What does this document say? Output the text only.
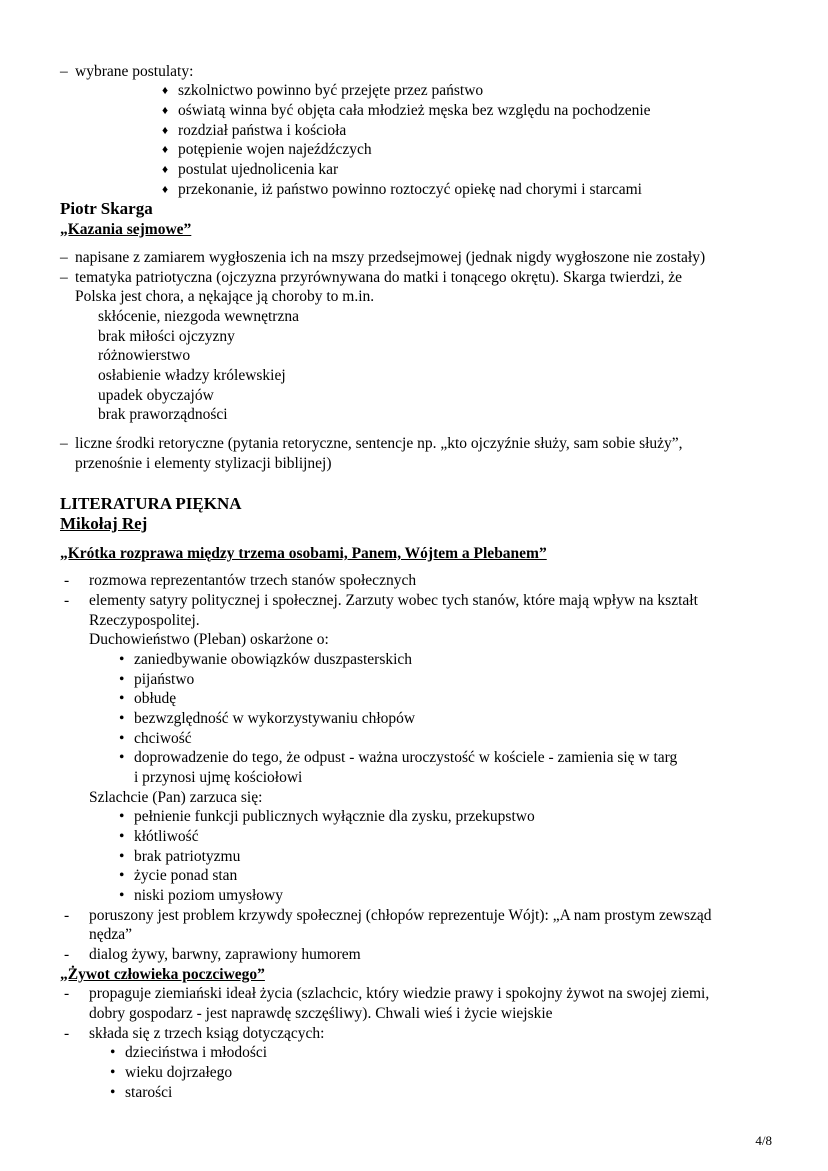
– wybrane postulaty:
♦ szkolnictwo powinno być przejęte przez państwo
♦ oświatą winna być objęta cała młodzież męska bez względu na pochodzenie
♦ rozdział państwa i kościoła
♦ potępienie wojen najeźdźczych
♦ postulat ujednolicenia kar
♦ przekonanie, iż państwo powinno roztoczyć opiekę nad chorymi i starcami
Piotr Skarga
„Kazania sejmowe”
– napisane z zamiarem wygłoszenia ich na mszy przedsejmowej (jednak nigdy wygłoszone nie zostały)
– tematyka patriotyczna (ojczyzna przyrównywana do matki i tonącego okrętu). Skarga twierdzi, że
Polska jest chora, a nękające ją choroby to m.in.
skłócenie, niezgoda wewnętrzna
brak miłości ojczyzny
różnowierstwo
osłabienie władzy królewskiej
upadek obyczajów
brak praworządności
– liczne środki retoryczne (pytania retoryczne, sentencje np. „kto ojczyźnie służy, sam sobie służy”,
przenośnie i elementy stylizacji biblijnej)
LITERATURA PIĘKNA
Mikołaj Rej
„Krótka rozprawa między trzema osobami, Panem, Wójtem a Plebanem”
- rozmowa reprezentantów trzech stanów społecznych
- elementy satyry politycznej i społecznej. Zarzuty wobec tych stanów, które mają wpływ na kształt
Rzeczypospolitej.
Duchowieństwo (Pleban) oskarżone o:
• zaniedbywanie obowiązków duszpasterskich
• pijaństwo
• obłudę
• bezwzględność w wykorzystywaniu chłopów
• chciwość
• doprowadzenie do tego, że odpust - ważna uroczystość w kościele - zamienia się w targ
i przynosi ujmę kościołowi
Szlachcie (Pan) zarzuca się:
• pełnienie funkcji publicznych wyłącznie dla zysku, przekupstwo
• kłótliwość
• brak patriotyzmu
• życie ponad stan
• niski poziom umysłowy
- poruszony jest problem krzywdy społecznej (chłopów reprezentuje Wójt): „A nam prostym zewsząd
nędza”
- dialog żywy, barwny, zaprawiony humorem
„Żywot człowieka poczciwego”
- propaguje ziemiański ideał życia (szlachcic, który wiedzie prawy i spokojny żywot na swojej ziemi,
dobry gospodarz - jest naprawdę szczęśliwy). Chwali wieś i życie wiejskie
- składa się z trzech ksiąg dotyczących:
• dzieciństwa i młodości
• wieku dojrzałego
• starości
4/8
